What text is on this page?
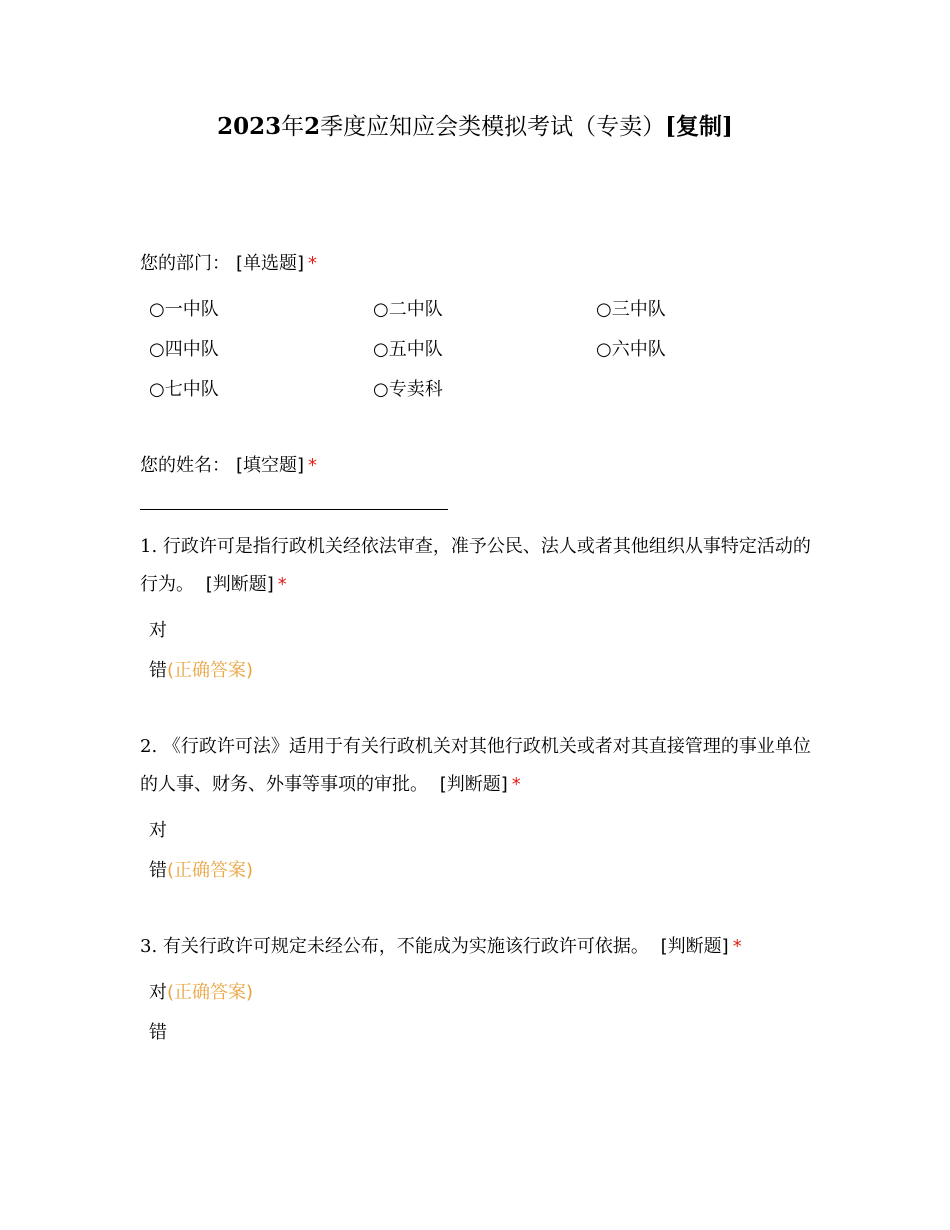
2023年2季度应知应会类模拟考试（专卖）[复制]
您的部门： [单选题] *
○一中队	○二中队	○三中队
○四中队	○五中队	○六中队
○七中队	○专卖科
您的姓名： [填空题] *
1. 行政许可是指行政机关经依法审查，准予公民、法人或者其他组织从事特定活动的行为。 [判断题] *
对
错(正确答案)
2. 《行政许可法》适用于有关行政机关对其他行政机关或者对其直接管理的事业单位的人事、财务、外事等事项的审批。 [判断题] *
对
错(正确答案)
3. 有关行政许可规定未经公布，不能成为实施该行政许可依据。 [判断题] *
对(正确答案)
错
